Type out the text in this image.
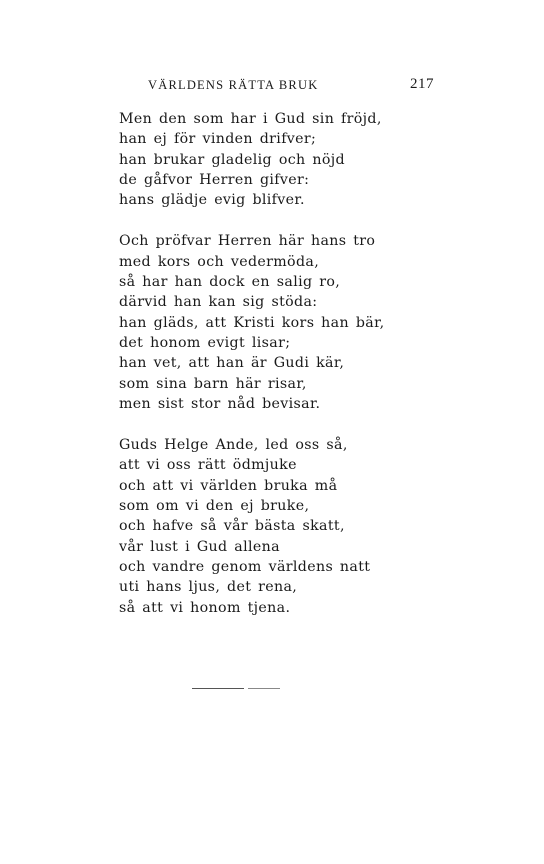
VÄRLDENS RÄTTA BRUK	217
Men den som har i Gud sin fröjd,
han ej för vinden drifver;
han brukar gladelig och nöjd
de gåfvor Herren gifver:
hans glädje evig blifver.
Och pröfvar Herren här hans tro
med kors och vedermöda,
så har han dock en salig ro,
därvid han kan sig stöda:
han gläds, att Kristi kors han bär,
det honom evigt lisar;
han vet, att han är Gudi kär,
som sina barn här risar,
men sist stor nåd bevisar.
Guds Helge Ande, led oss så,
att vi oss rätt ödmjuke
och att vi världen bruka må
som om vi den ej bruke,
och hafve så vår bästa skatt,
vår lust i Gud allena
och vandre genom världens natt
uti hans ljus, det rena,
så att vi honom tjena.
